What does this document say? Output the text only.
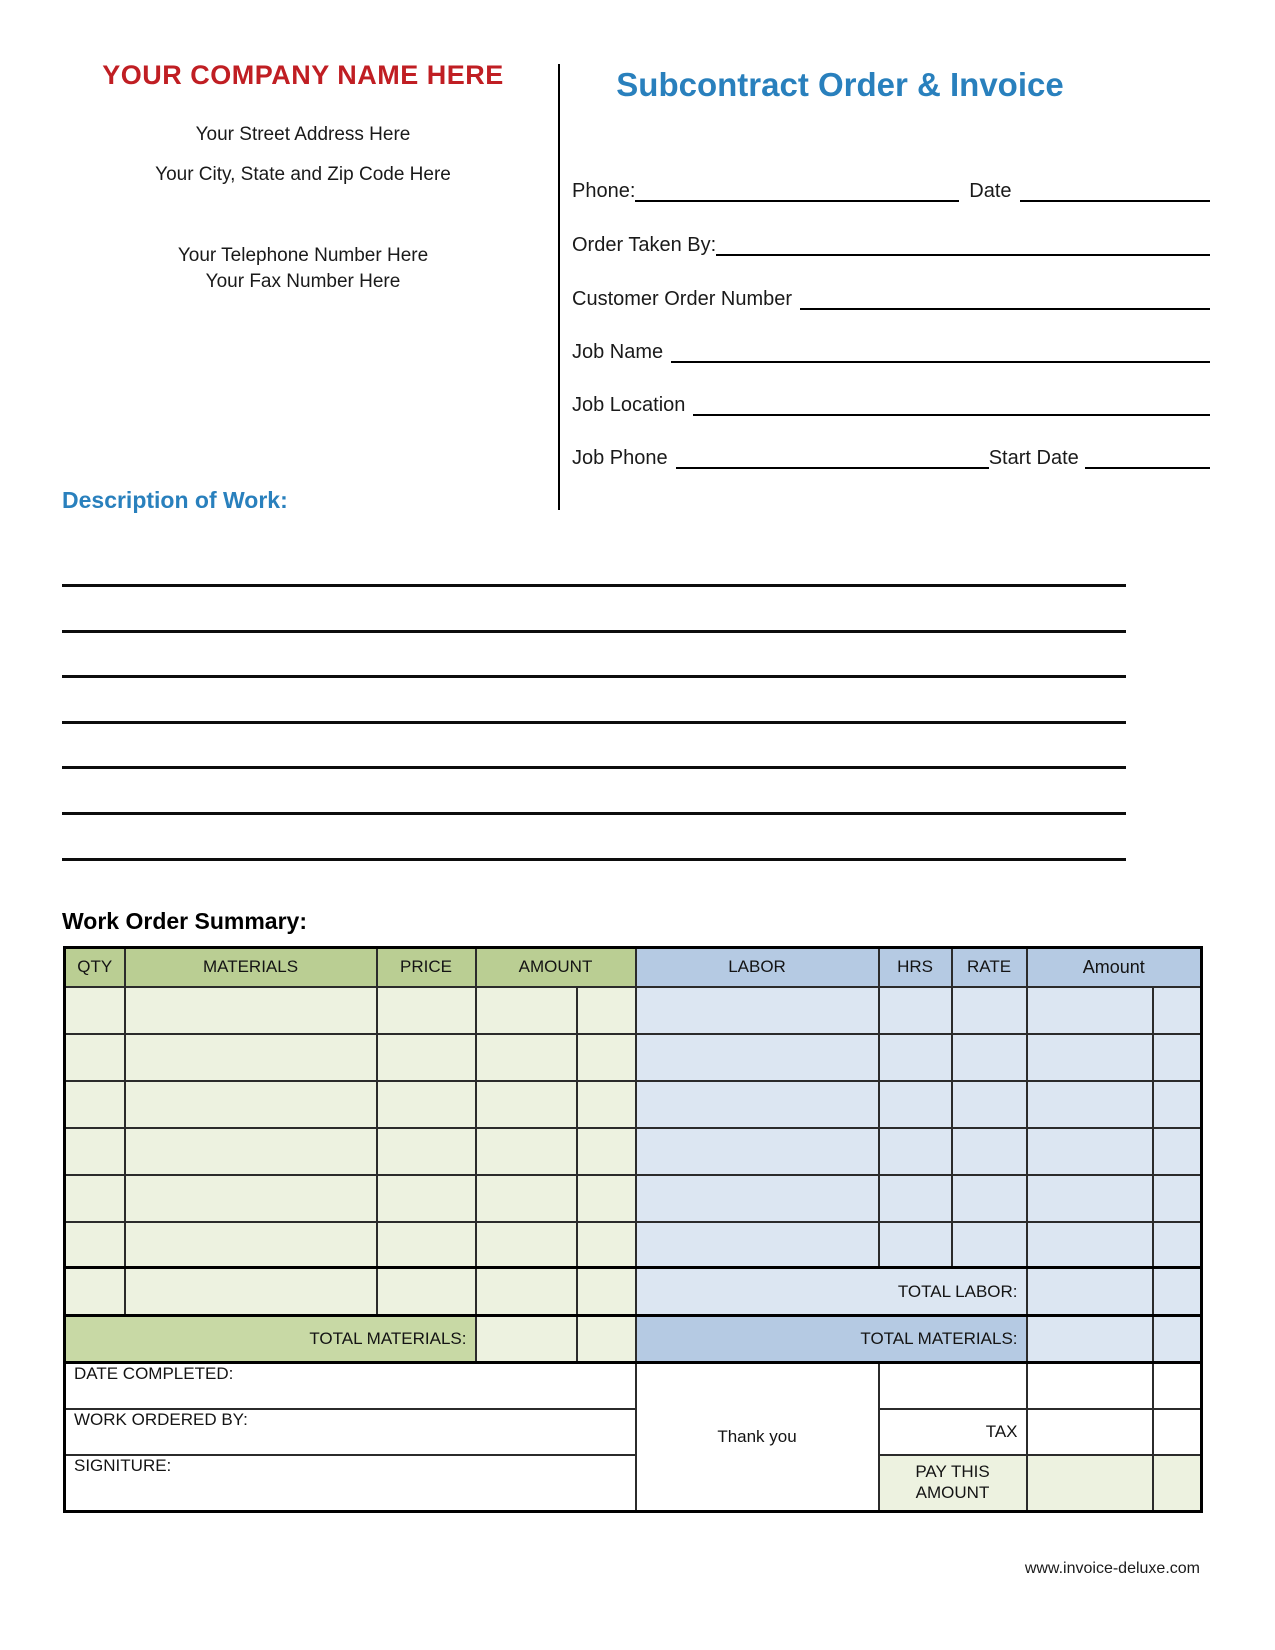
YOUR COMPANY NAME HERE
Your Street Address Here
Your City, State and Zip Code Here
Your Telephone Number Here
Your Fax Number Here
Subcontract Order & Invoice
Phone:	Date
Order Taken By:
Customer Order Number
Job Name
Job Location
Job Phone	Start Date
Description of Work:
Work Order Summary:
QTY	MATERIALS	PRICE	AMOUNT		LABOR	HRS	RATE	Amount	

					TOTAL LABOR:				
TOTAL MATERIALS:					TOTAL MATERIALS:				
DATE COMPLETED:					Thank you				
WORK ORDERED BY:						TAX			
SIGNITURE:						PAY THIS AMOUNT			
www.invoice-deluxe.com
